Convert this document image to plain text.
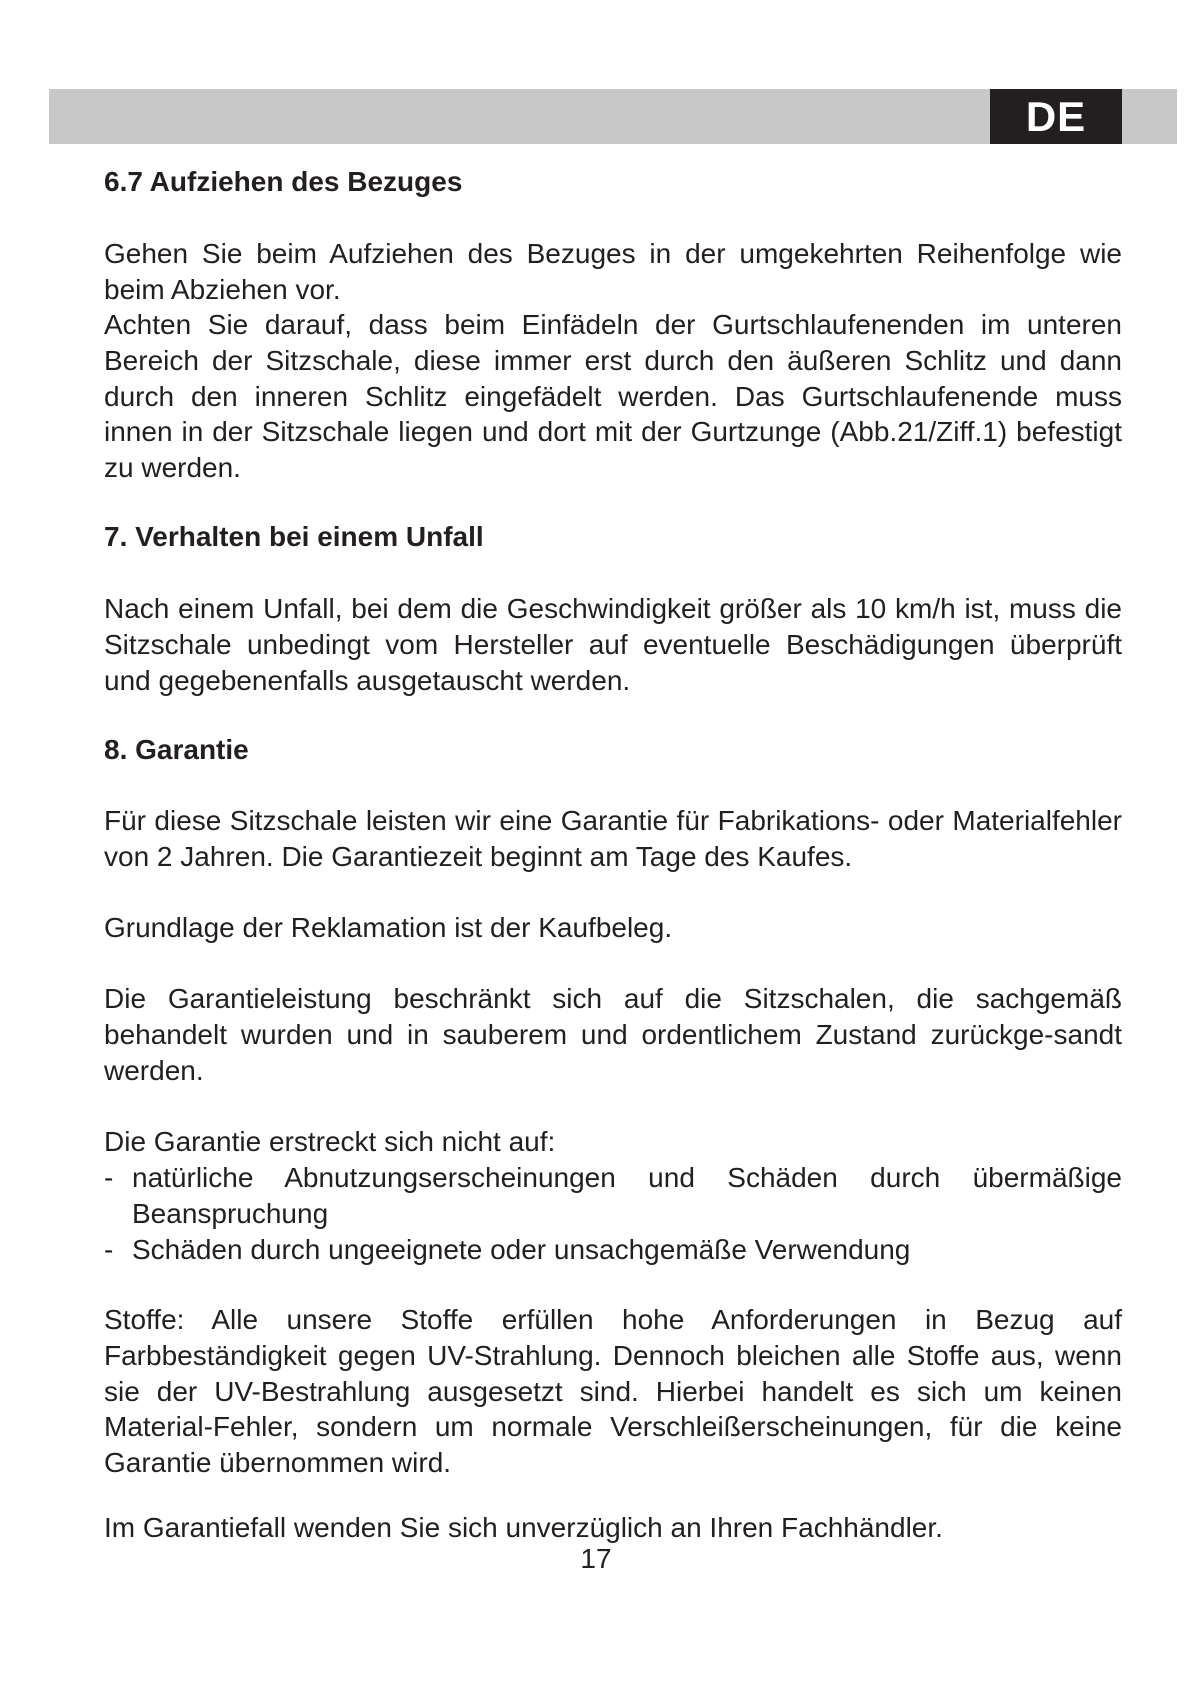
DE
6.7 Aufziehen des Bezuges

Gehen Sie beim Aufziehen des Bezuges in der umgekehrten Reihenfolge wie beim Abziehen vor.

Achten Sie darauf, dass beim Einfädeln der Gurtschlaufenenden im unteren Bereich der Sitzschale, diese immer erst durch den äußeren Schlitz und dann durch den inneren Schlitz eingefädelt werden. Das Gurtschlaufenende muss innen in der Sitzschale liegen und dort mit der Gurtzunge (Abb.21/Ziff.1) befestigt zu werden.

7. Verhalten bei einem Unfall

Nach einem Unfall, bei dem die Geschwindigkeit größer als 10 km/h ist, muss die Sitzschale unbedingt vom Hersteller auf eventuelle Beschädigungen überprüft und gegebenenfalls ausgetauscht werden.

8. Garantie

Für diese Sitzschale leisten wir eine Garantie für Fabrikations- oder Materialfehler von 2 Jahren. Die Garantiezeit beginnt am Tage des Kaufes.

Grundlage der Reklamation ist der Kaufbeleg.

Die Garantieleistung beschränkt sich auf die Sitzschalen, die sachgemäß behandelt wurden und in sauberem und ordentlichem Zustand zurückge-sandt werden.

Die Garantie erstreckt sich nicht auf:

- natürliche Abnutzungserscheinungen und Schäden durch übermäßige Beanspruchung
- Schäden durch ungeeignete oder unsachgemäße Verwendung

Stoffe: Alle unsere Stoffe erfüllen hohe Anforderungen in Bezug auf Farbbeständigkeit gegen UV-Strahlung. Dennoch bleichen alle Stoffe aus, wenn sie der UV-Bestrahlung ausgesetzt sind. Hierbei handelt es sich um keinen Material-Fehler, sondern um normale Verschleißerscheinungen, für die keine Garantie übernommen wird.

Im Garantiefall wenden Sie sich unverzüglich an Ihren Fachhändler.

17
